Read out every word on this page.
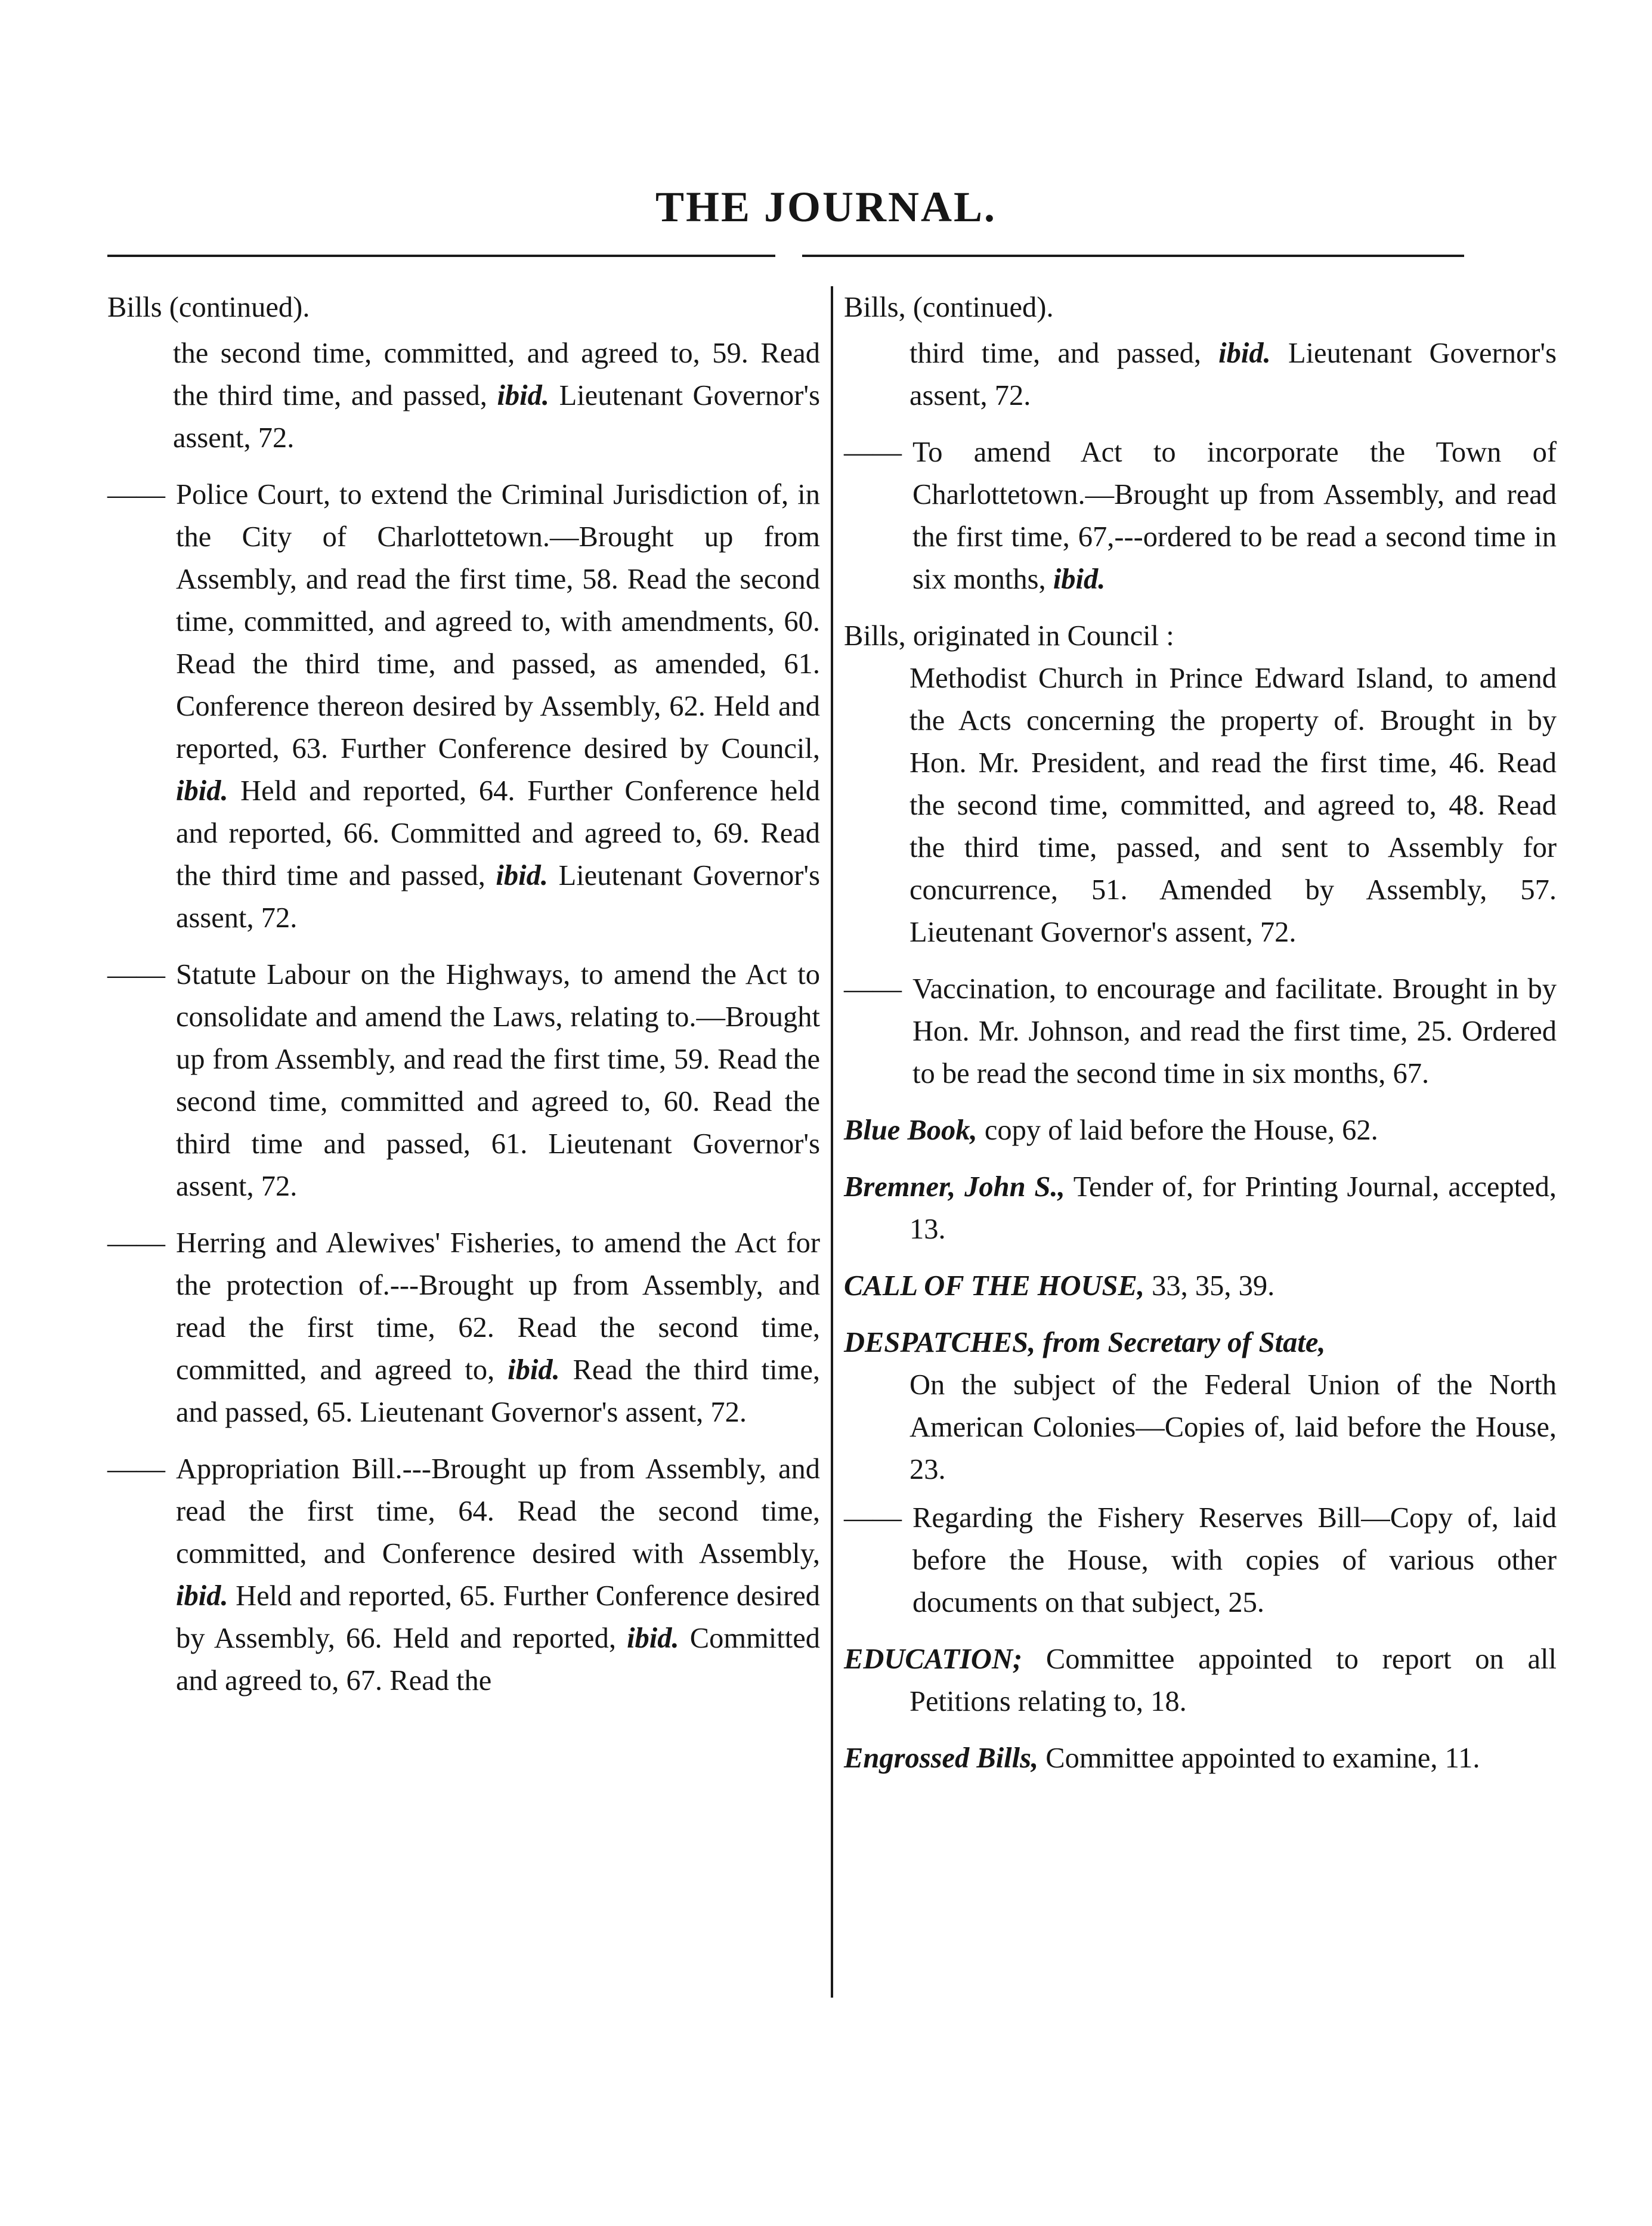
THE JOURNAL.
Bills (continued).
the second time, committed, and agreed to, 59. Read the third time, and passed, ibid. Lieutenant Governor's assent, 72.
—— Police Court, to extend the Criminal Jurisdiction of, in the City of Charlottetown.—Brought up from Assembly, and read the first time, 58. Read the second time, committed, and agreed to, with amendments, 60. Read the third time, and passed, as amended, 61. Conference thereon desired by Assembly, 62. Held and reported, 63. Further Conference desired by Council, ibid. Held and reported, 64. Further Conference held and reported, 66. Committed and agreed to, 69. Read the third time and passed, ibid. Lieutenant Governor's assent, 72.
—— Statute Labour on the Highways, to amend the Act to consolidate and amend the Laws, relating to.—Brought up from Assembly, and read the first time, 59. Read the second time, committed and agreed to, 60. Read the third time and passed, 61. Lieutenant Governor's assent, 72.
—— Herring and Alewives' Fisheries, to amend the Act for the protection of.---Brought up from Assembly, and read the first time, 62. Read the second time, committed, and agreed to, ibid. Read the third time, and passed, 65. Lieutenant Governor's assent, 72.
—— Appropriation Bill.---Brought up from Assembly, and read the first time, 64. Read the second time, committed, and Conference desired with Assembly, ibid. Held and reported, 65. Further Conference desired by Assembly, 66. Held and reported, ibid. Committed and agreed to, 67. Read the
Bills, (continued).
third time, and passed, ibid. Lieutenant Governor's assent, 72.
—— To amend Act to incorporate the Town of Charlottetown.—Brought up from Assembly, and read the first time, 67,---ordered to be read a second time in six months, ibid.
Bills, originated in Council :
Methodist Church in Prince Edward Island, to amend the Acts concerning the property of. Brought in by Hon. Mr. President, and read the first time, 46. Read the second time, committed, and agreed to, 48. Read the third time, passed, and sent to Assembly for concurrence, 51. Amended by Assembly, 57. Lieutenant Governor's assent, 72.
—— Vaccination, to encourage and facilitate. Brought in by Hon. Mr. Johnson, and read the first time, 25. Ordered to be read the second time in six months, 67.
Blue Book, copy of laid before the House, 62.
Bremner, John S., Tender of, for Printing Journal, accepted, 13.
CALL OF THE HOUSE, 33, 35, 39.
DESPATCHES, from Secretary of State,
On the subject of the Federal Union of the North American Colonies—Copies of, laid before the House, 23.
—— Regarding the Fishery Reserves Bill—Copy of, laid before the House, with copies of various other documents on that subject, 25.
EDUCATION; Committee appointed to report on all Petitions relating to, 18.
Engrossed Bills, Committee appointed to examine, 11.
